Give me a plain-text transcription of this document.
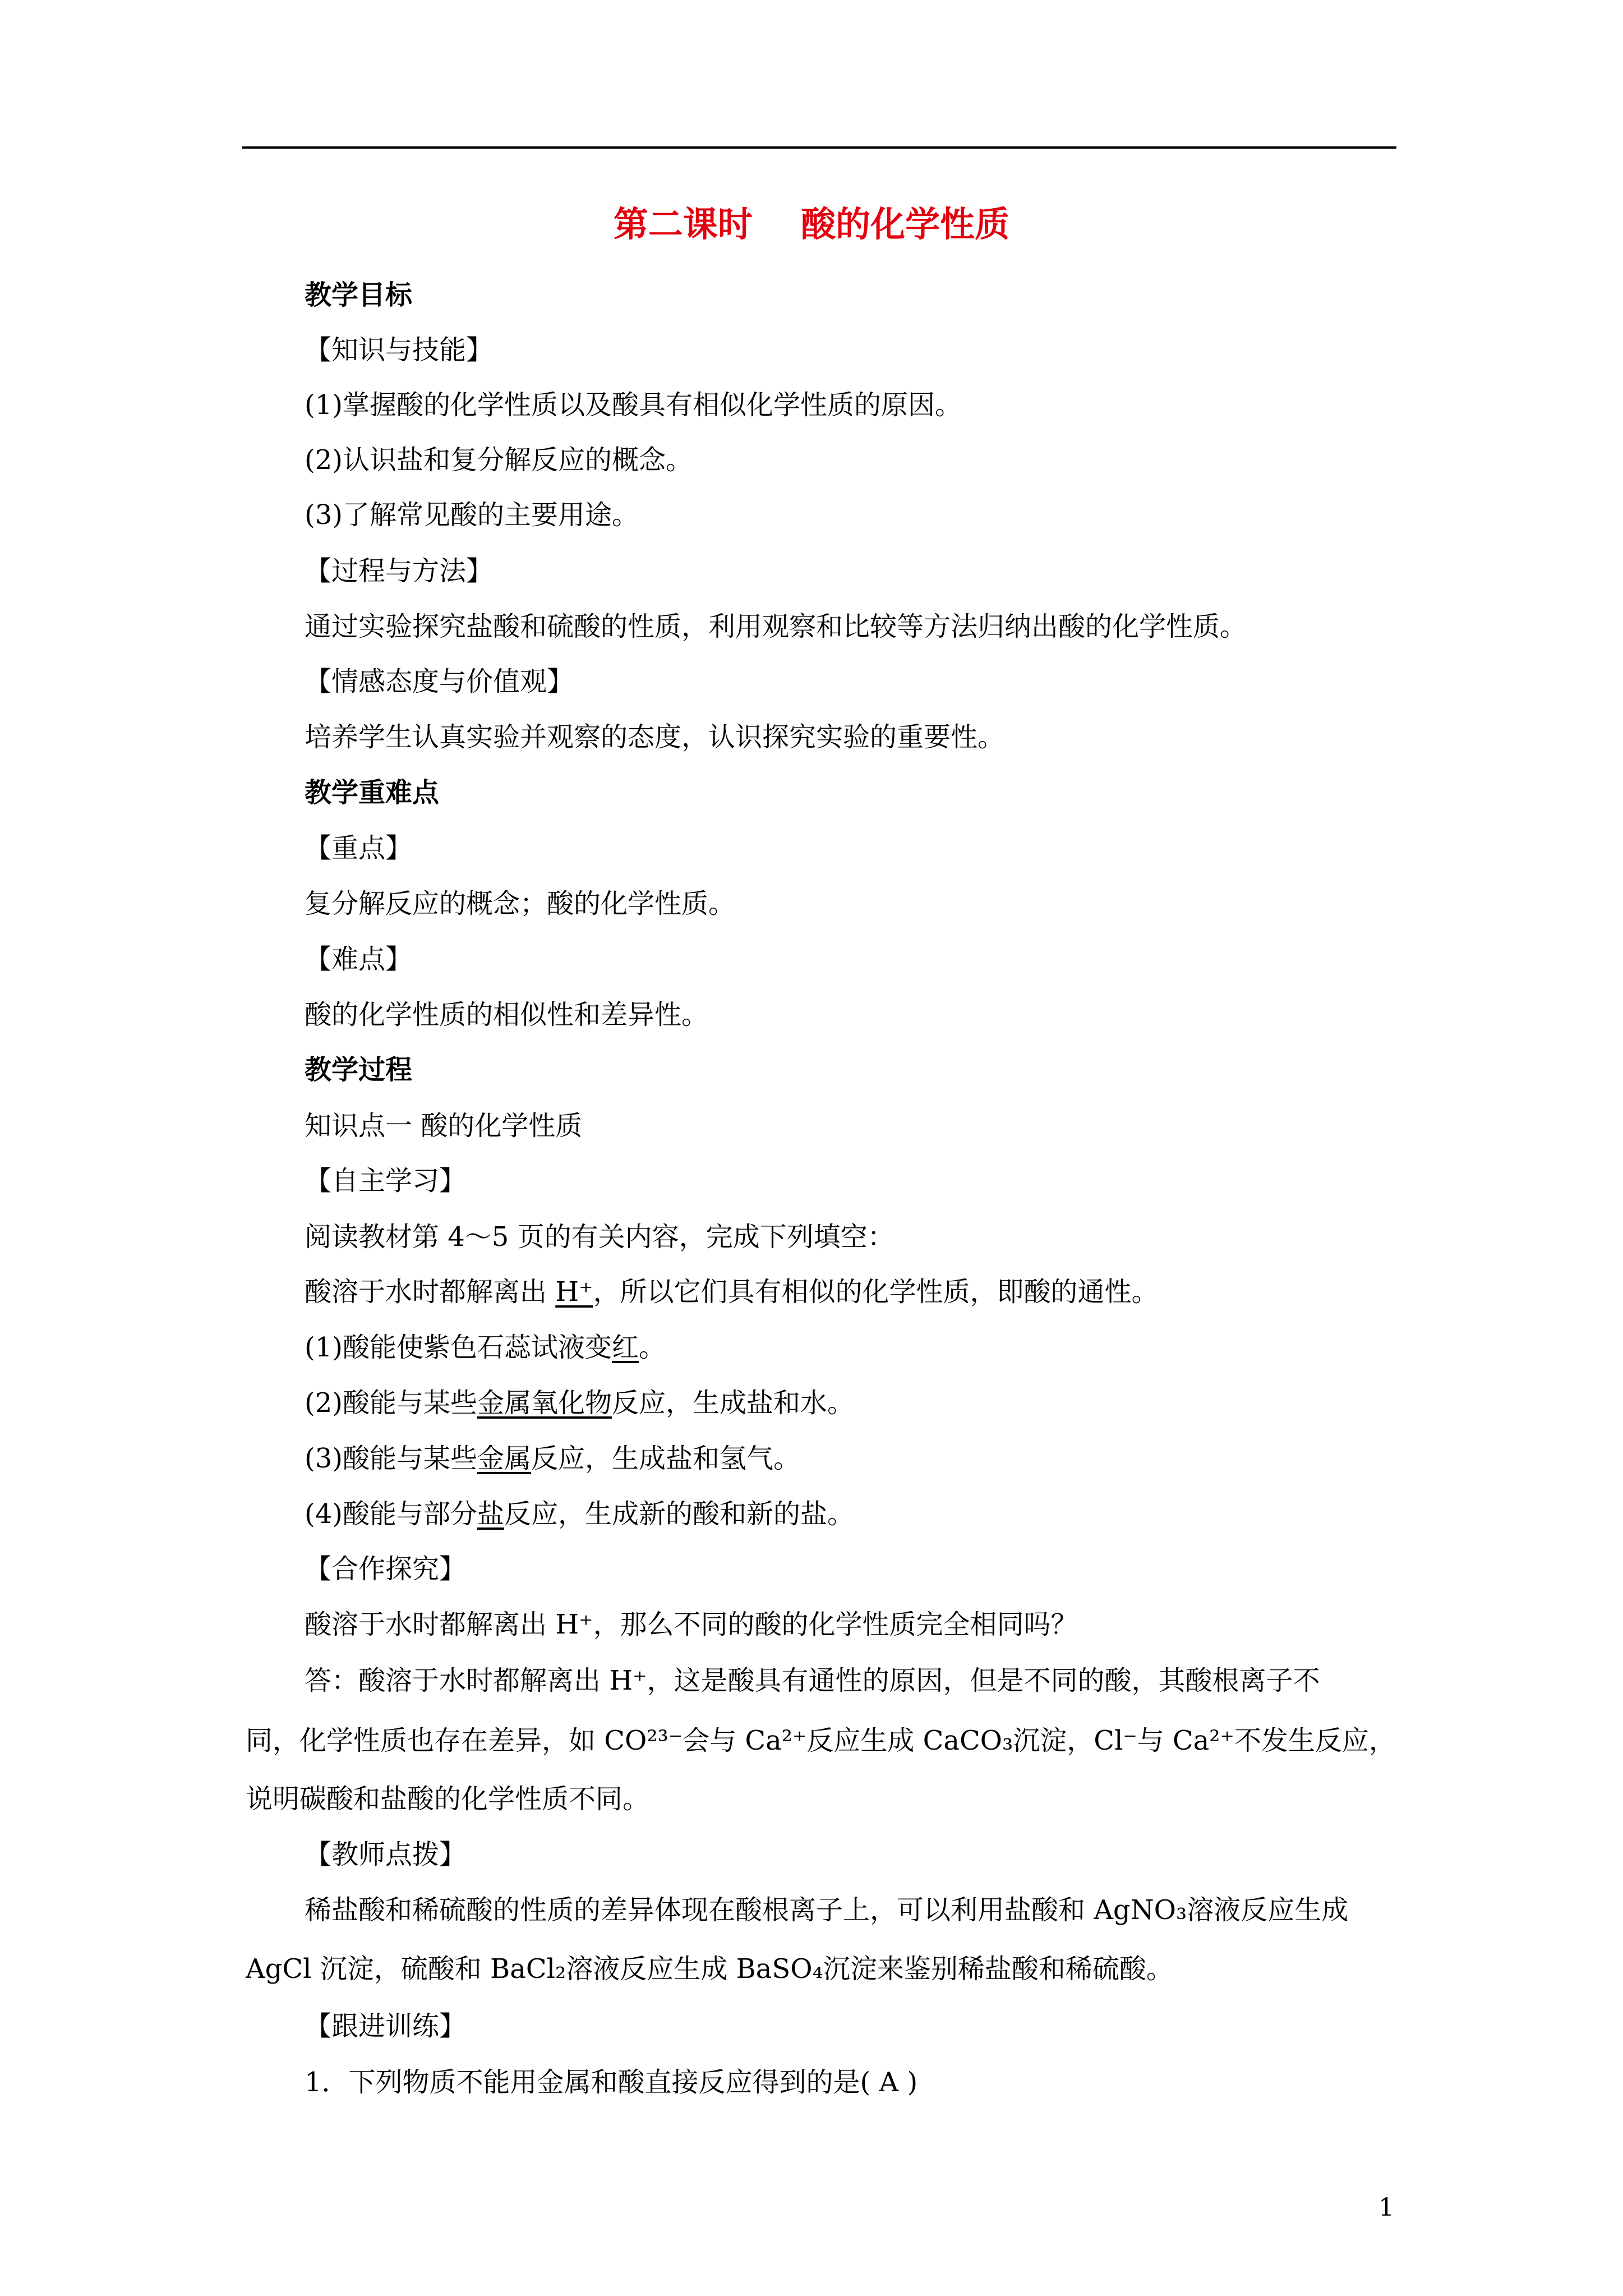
第二课时    酸的化学性质
教学目标
【知识与技能】
(1)掌握酸的化学性质以及酸具有相似化学性质的原因。
(2)认识盐和复分解反应的概念。
(3)了解常见酸的主要用途。
【过程与方法】
通过实验探究盐酸和硫酸的性质，利用观察和比较等方法归纳出酸的化学性质。
【情感态度与价值观】
培养学生认真实验并观察的态度，认识探究实验的重要性。
教学重难点
【重点】
复分解反应的概念；酸的化学性质。
【难点】
酸的化学性质的相似性和差异性。
教学过程
知识点一 酸的化学性质
【自主学习】
阅读教材第 4～5 页的有关内容，完成下列填空：
酸溶于水时都解离出 H⁺，所以它们具有相似的化学性质，即酸的通性。
(1)酸能使紫色石蕊试液变红。
(2)酸能与某些金属氧化物反应，生成盐和水。
(3)酸能与某些金属反应，生成盐和氢气。
(4)酸能与部分盐反应，生成新的酸和新的盐。
【合作探究】
酸溶于水时都解离出 H⁺，那么不同的酸的化学性质完全相同吗？
答：酸溶于水时都解离出 H⁺，这是酸具有通性的原因，但是不同的酸，其酸根离子不
同，化学性质也存在差异，如 CO²³⁻会与 Ca²⁺反应生成 CaCO₃沉淀，Cl⁻与 Ca²⁺不发生反应，
说明碳酸和盐酸的化学性质不同。
【教师点拨】
稀盐酸和稀硫酸的性质的差异体现在酸根离子上，可以利用盐酸和 AgNO₃溶液反应生成
AgCl 沉淀，硫酸和 BaCl₂溶液反应生成 BaSO₄沉淀来鉴别稀盐酸和稀硫酸。
【跟进训练】
1．下列物质不能用金属和酸直接反应得到的是( A )
1
